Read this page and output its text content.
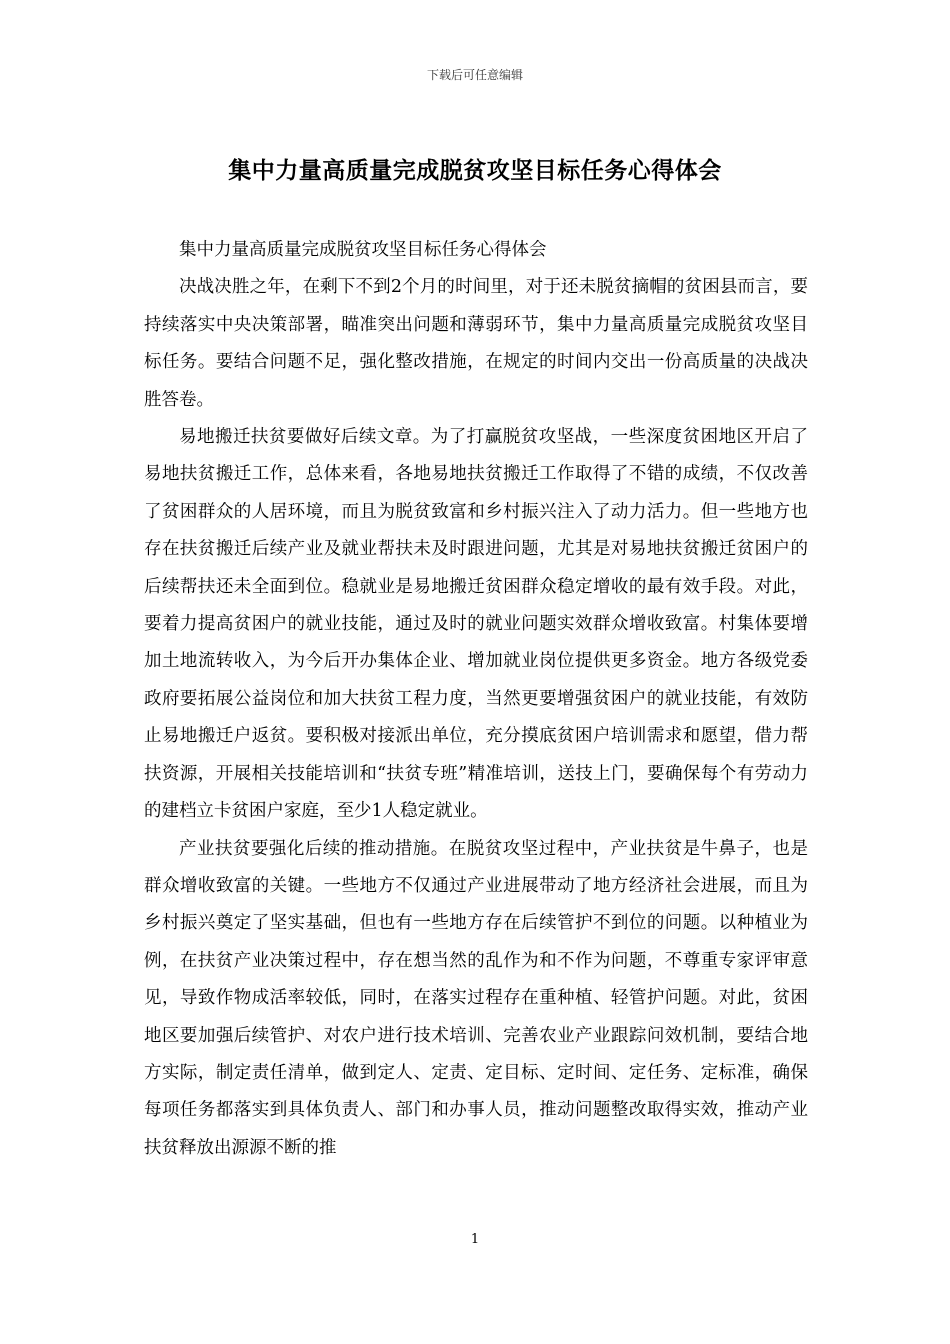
下载后可任意编辑
集中力量高质量完成脱贫攻坚目标任务心得体会

集中力量高质量完成脱贫攻坚目标任务心得体会

决战决胜之年，在剩下不到2个月的时间里，对于还未脱贫摘帽的贫困县而言，要持续落实中央决策部署，瞄准突出问题和薄弱环节，集中力量高质量完成脱贫攻坚目标任务。要结合问题不足，强化整改措施，在规定的时间内交出一份高质量的决战决胜答卷。

易地搬迁扶贫要做好后续文章。为了打赢脱贫攻坚战，一些深度贫困地区开启了易地扶贫搬迁工作，总体来看，各地易地扶贫搬迁工作取得了不错的成绩，不仅改善了贫困群众的人居环境，而且为脱贫致富和乡村振兴注入了动力活力。但一些地方也存在扶贫搬迁后续产业及就业帮扶未及时跟进问题，尤其是对易地扶贫搬迁贫困户的后续帮扶还未全面到位。稳就业是易地搬迁贫困群众稳定增收的最有效手段。对此，要着力提高贫困户的就业技能，通过及时的就业问题实效群众增收致富。村集体要增加土地流转收入，为今后开办集体企业、增加就业岗位提供更多资金。地方各级党委政府要拓展公益岗位和加大扶贫工程力度，当然更要增强贫困户的就业技能，有效防止易地搬迁户返贫。要积极对接派出单位，充分摸底贫困户培训需求和愿望，借力帮扶资源，开展相关技能培训和“扶贫专班”精准培训，送技上门，要确保每个有劳动力的建档立卡贫困户家庭，至少1人稳定就业。

产业扶贫要强化后续的推动措施。在脱贫攻坚过程中，产业扶贫是牛鼻子，也是群众增收致富的关键。一些地方不仅通过产业进展带动了地方经济社会进展，而且为乡村振兴奠定了坚实基础，但也有一些地方存在后续管护不到位的问题。以种植业为例，在扶贫产业决策过程中，存在想当然的乱作为和不作为问题，不尊重专家评审意见，导致作物成活率较低，同时，在落实过程存在重种植、轻管护问题。对此，贫困地区要加强后续管护、对农户进行技术培训、完善农业产业跟踪问效机制，要结合地方实际，制定责任清单，做到定人、定责、定目标、定时间、定任务、定标准，确保每项任务都落实到具体负责人、部门和办事人员，推动问题整改取得实效，推动产业扶贫释放出源源不断的推

1
